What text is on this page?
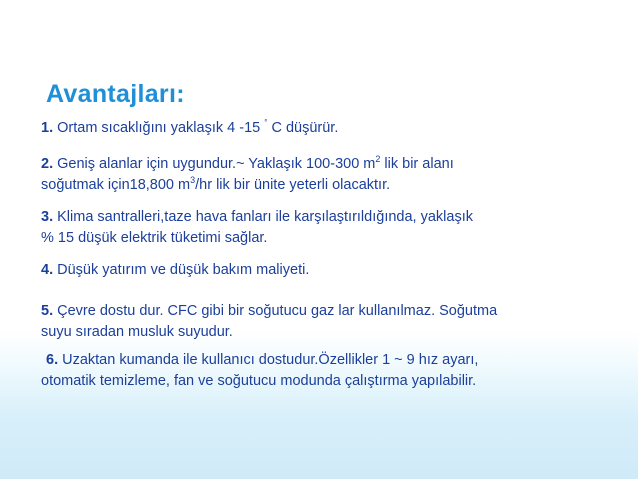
Avantajları:
1. Ortam sıcaklığını yaklaşık 4 -15 ° C düşürür.
2. Geniş alanlar için uygundur.~ Yaklaşık 100-300 $m^2$ lik bir alanı
soğutmak için18,800 $m^3/hr$ lik bir ünite yeterli olacaktır.
3. Klima santralleri,taze hava fanları ile karşılaştırıldığında, yaklaşık
% 15 düşük elektrik tüketimi sağlar.
4. Düşük yatırım ve düşük bakım maliyeti.
5. Çevre dostu dur. CFC gibi bir soğutucu gaz lar kullanılmaz. Soğutma
suyu sıradan musluk suyudur.
6. Uzaktan kumanda ile kullanıcı dostudur.Özellikler 1 ~ 9 hız ayarı,
otomatik temizleme, fan ve soğutucu modunda çalıştırma yapılabilir.
